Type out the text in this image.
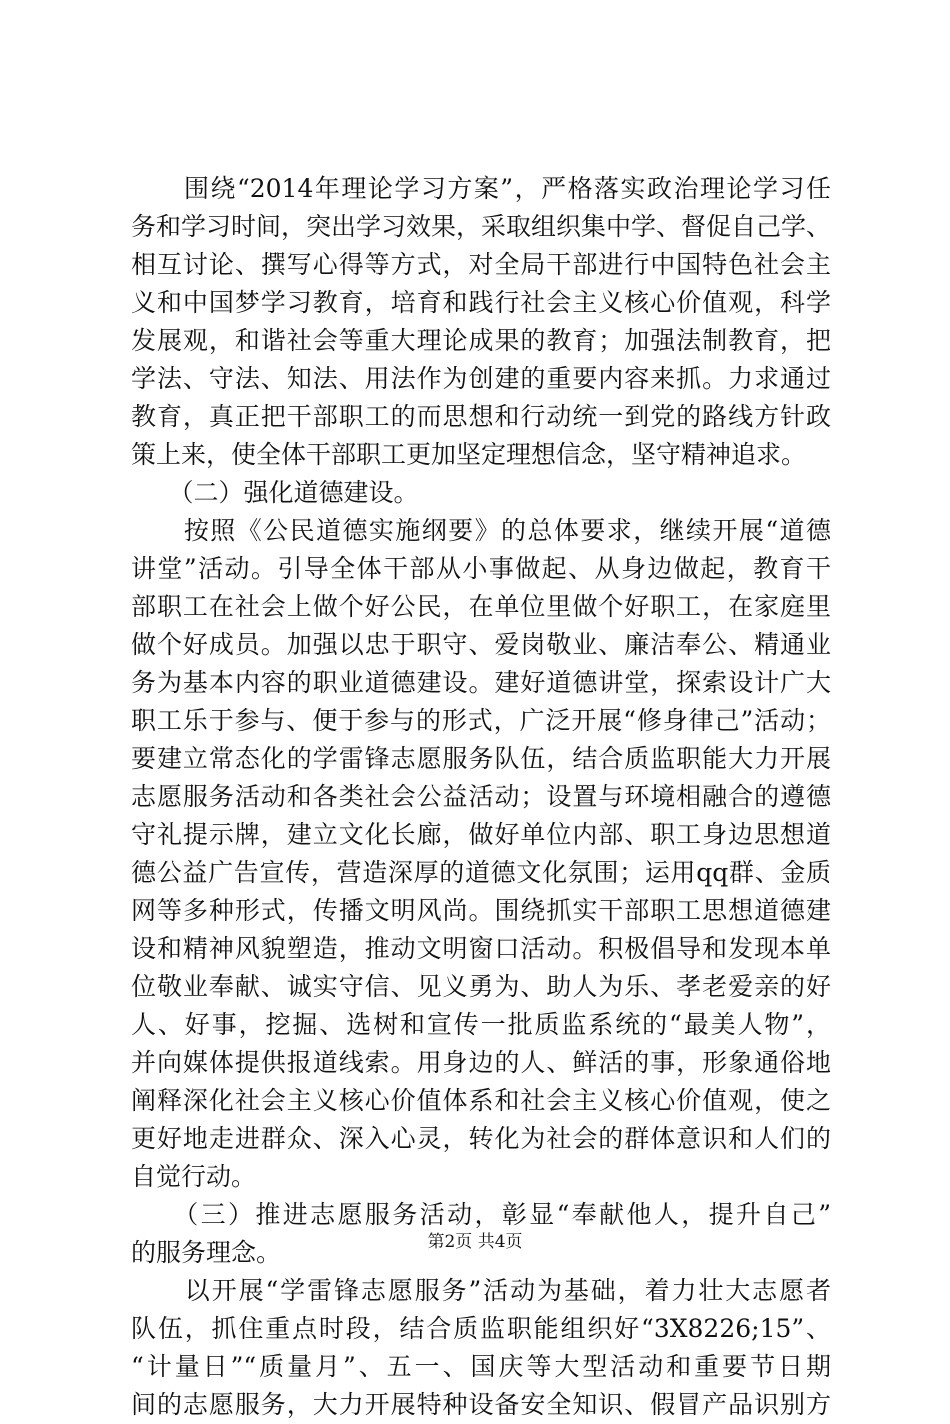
　　围绕“2014年理论学习方案”，严格落实政治理论学习任
务和学习时间，突出学习效果，采取组织集中学、督促自己学、
相互讨论、撰写心得等方式，对全局干部进行中国特色社会主
义和中国梦学习教育，培育和践行社会主义核心价值观，科学
发展观，和谐社会等重大理论成果的教育；加强法制教育，把
学法、守法、知法、用法作为创建的重要内容来抓。力求通过
教育，真正把干部职工的而思想和行动统一到党的路线方针政
策上来，使全体干部职工更加坚定理想信念，坚守精神追求。
　　（二）强化道德建设。
　　按照《公民道德实施纲要》的总体要求，继续开展“道德
讲堂”活动。引导全体干部从小事做起、从身边做起，教育干
部职工在社会上做个好公民，在单位里做个好职工，在家庭里
做个好成员。加强以忠于职守、爱岗敬业、廉洁奉公、精通业
务为基本内容的职业道德建设。建好道德讲堂，探索设计广大
职工乐于参与、便于参与的形式，广泛开展“修身律己”活动；
要建立常态化的学雷锋志愿服务队伍，结合质监职能大力开展
志愿服务活动和各类社会公益活动；设置与环境相融合的遵德
守礼提示牌，建立文化长廊，做好单位内部、职工身边思想道
德公益广告宣传，营造深厚的道德文化氛围；运用qq群、金质
网等多种形式，传播文明风尚。围绕抓实干部职工思想道德建
设和精神风貌塑造，推动文明窗口活动。积极倡导和发现本单
位敬业奉献、诚实守信、见义勇为、助人为乐、孝老爱亲的好
人、好事，挖掘、选树和宣传一批质监系统的“最美人物”，
并向媒体提供报道线索。用身边的人、鲜活的事，形象通俗地
阐释深化社会主义核心价值体系和社会主义核心价值观，使之
更好地走进群众、深入心灵，转化为社会的群体意识和人们的
自觉行动。
　　（三）推进志愿服务活动，彰显“奉献他人，提升自己”
的服务理念。
　　以开展“学雷锋志愿服务”活动为基础，着力壮大志愿者
队伍，抓住重点时段，结合质监职能组织好“3X8226;15”、
“计量日”“质量月”、五一、国庆等大型活动和重要节日期
间的志愿服务，大力开展特种设备安全知识、假冒产品识别方
第2页 共4页
